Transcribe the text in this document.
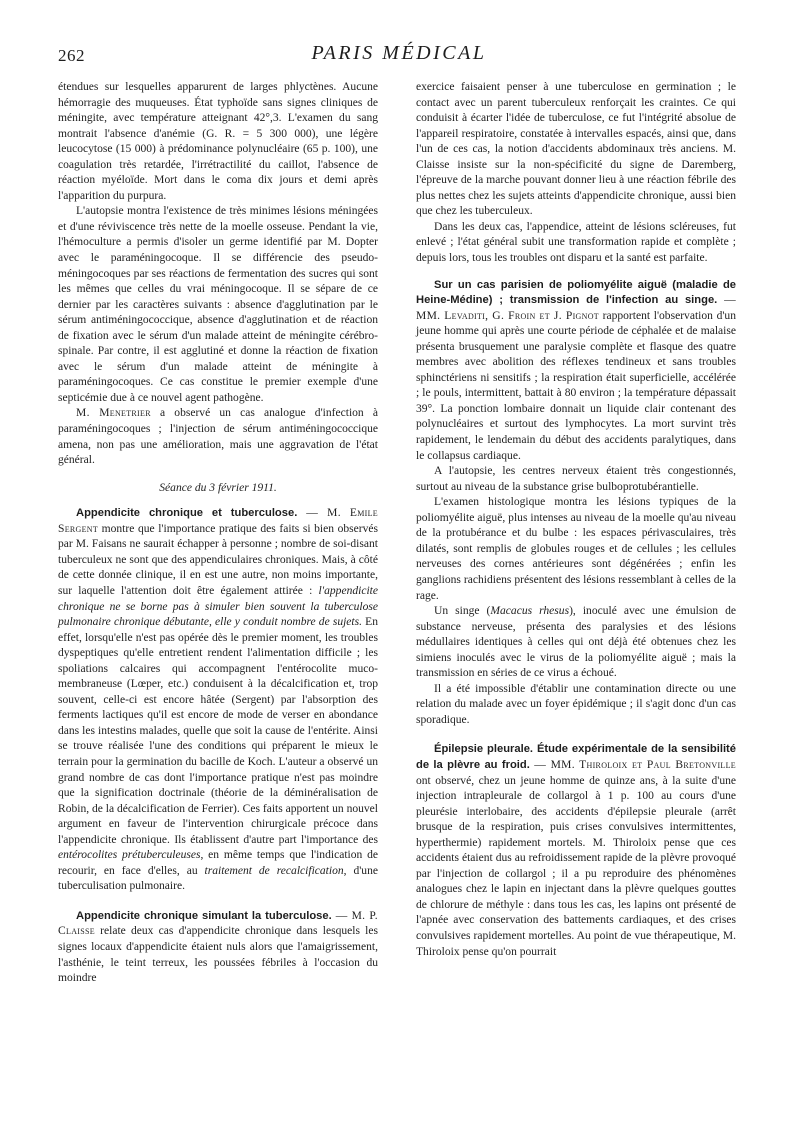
262	PARIS MÉDICAL

étendues sur lesquelles apparurent de larges phlyctènes. Aucune hémorragie des muqueuses. État typhoïde sans signes cliniques de méningite, avec température atteignant 42°,3. L'examen du sang montrait l'absence d'anémie (G. R. = 5 300 000), une légère leucocytose (15 000) à prédominance polynucléaire (65 p. 100), une coagulation très retardée, l'irrétractilité du caillot, l'absence de réaction myéloïde. Mort dans le coma dix jours et demi après l'apparition du purpura.

L'autopsie montra l'existence de très minimes lésions méningées et d'une réviviscence très nette de la moelle osseuse. Pendant la vie, l'hémoculture a permis d'isoler un germe identifié par M. Dopter avec le paraméningocoque. Il se différencie des pseudo-méningocoques par ses réactions de fermentation des sucres qui sont les mêmes que celles du vrai méningocoque. Il se sépare de ce dernier par les caractères suivants : absence d'agglutination par le sérum antiméningococcique, absence d'agglutination et de réaction de fixation avec le sérum d'un malade atteint de méningite cérébro-spinale. Par contre, il est agglutiné et donne la réaction de fixation avec le sérum d'un malade atteint de méningite à paraméningocoques. Ce cas constitue le premier exemple d'une septicémie due à ce nouvel agent pathogène.

M. Menetrier a observé un cas analogue d'infection à paraméningocoques ; l'injection de sérum antiméningococcique amena, non pas une amélioration, mais une aggravation de l'état général.

Séance du 3 février 1911.

Appendicite chronique et tuberculose. — M. Emile Sergent montre que l'importance pratique des faits si bien observés par M. Faisans ne saurait échapper à personne ; nombre de soi-disant tuberculeux ne sont que des appendiculaires chroniques. Mais, à côté de cette donnée clinique, il en est une autre, non moins importante, sur laquelle l'attention doit être également attirée : l'appendicite chronique ne se borne pas à simuler bien souvent la tuberculose pulmonaire chronique débutante, elle y conduit nombre de sujets. En effet, lorsqu'elle n'est pas opérée dès le premier moment, les troubles dyspeptiques qu'elle entretient rendent l'alimentation difficile ; les spoliations calcaires qui accompagnent l'entérocolite muco-membraneuse (Lœper, etc.) conduisent à la décalcification et, trop souvent, celle-ci est encore hâtée (Sergent) par l'absorption des ferments lactiques qu'il est encore de mode de verser en abondance dans les intestins malades, quelle que soit la cause de l'entérite. Ainsi se trouve réalisée l'une des conditions qui préparent le mieux le terrain pour la germination du bacille de Koch. L'auteur a observé un grand nombre de cas dont l'importance pratique n'est pas moindre que la signification doctrinale (théorie de la déminéralisation de Robin, de la décalcification de Ferrier). Ces faits apportent un nouvel argument en faveur de l'intervention chirurgicale précoce dans l'appendicite chronique. Ils établissent d'autre part l'importance des entérocolites prétuberculeuses, en même temps que l'indication de recourir, en face d'elles, au traitement de recalcification, d'une tuberculisation pulmonaire.

Appendicite chronique simulant la tuberculose. — M. P. Claisse relate deux cas d'appendicite chronique dans lesquels les signes locaux d'appendicite étaient nuls alors que l'amaigrissement, l'asthénie, le teint terreux, les poussées fébriles à l'occasion du moindre

exercice faisaient penser à une tuberculose en germination ; le contact avec un parent tuberculeux renforçait les craintes. Ce qui conduisit à écarter l'idée de tuberculose, ce fut l'intégrité absolue de l'appareil respiratoire, constatée à intervalles espacés, ainsi que, dans l'un de ces cas, la notion d'accidents abdominaux très anciens. M. Claisse insiste sur la non-spécificité du signe de Daremberg, l'épreuve de la marche pouvant donner lieu à une réaction fébrile des plus nettes chez les sujets atteints d'appendicite chronique, aussi bien que chez les tuberculeux.

Dans les deux cas, l'appendice, atteint de lésions scléreuses, fut enlevé ; l'état général subit une transformation rapide et complète ; depuis lors, tous les troubles ont disparu et la santé est parfaite.

Sur un cas parisien de poliomyélite aiguë (maladie de Heine-Médine) ; transmission de l'infection au singe. — MM. Levaditi, G. Froin et J. Pignot rapportent l'observation d'un jeune homme qui après une courte période de céphalée et de malaise présenta brusquement une paralysie complète et flasque des quatre membres avec abolition des réflexes tendineux et sans troubles sphinctériens ni sensitifs ; la respiration était superficielle, accélérée ; le pouls, intermittent, battait à 80 environ ; la température dépassait 39°. La ponction lombaire donnait un liquide clair contenant des polynucléaires et surtout des lymphocytes. La mort survint très rapidement, le lendemain du début des accidents paralytiques, dans le collapsus cardiaque.

A l'autopsie, les centres nerveux étaient très congestionnés, surtout au niveau de la substance grise bulboprotubérantielle.

L'examen histologique montra les lésions typiques de la poliomyélite aiguë, plus intenses au niveau de la moelle qu'au niveau de la protubérance et du bulbe : les espaces périvasculaires, très dilatés, sont remplis de globules rouges et de cellules ; les cellules nerveuses des cornes antérieures sont dégénérées ; enfin les ganglions rachidiens présentent des lésions ressemblant à celles de la rage.

Un singe (Macacus rhesus), inoculé avec une émulsion de substance nerveuse, présenta des paralysies et des lésions médullaires identiques à celles qui ont déjà été obtenues chez les simiens inoculés avec le virus de la poliomyélite aiguë ; mais la transmission en séries de ce virus a échoué.

Il a été impossible d'établir une contamination directe ou une relation du malade avec un foyer épidémique ; il s'agit donc d'un cas sporadique.

Épilepsie pleurale. Étude expérimentale de la sensibilité de la plèvre au froid. — MM. Thiroloix et Paul Bretonville ont observé, chez un jeune homme de quinze ans, à la suite d'une injection intrapleurale de collargol à 1 p. 100 au cours d'une pleurésie interlobaire, des accidents d'épilepsie pleurale (arrêt brusque de la respiration, puis crises convulsives intermittentes, hyperthermie) rapidement mortels. M. Thiroloix pense que ces accidents étaient dus au refroidissement rapide de la plèvre provoqué par l'injection de collargol ; il a pu reproduire des phénomènes analogues chez le lapin en injectant dans la plèvre quelques gouttes de chlorure de méthyle : dans tous les cas, les lapins ont présenté de l'apnée avec conservation des battements cardiaques, et des crises convulsives rapidement mortelles. Au point de vue thérapeutique, M. Thiroloix pense qu'on pourrait
